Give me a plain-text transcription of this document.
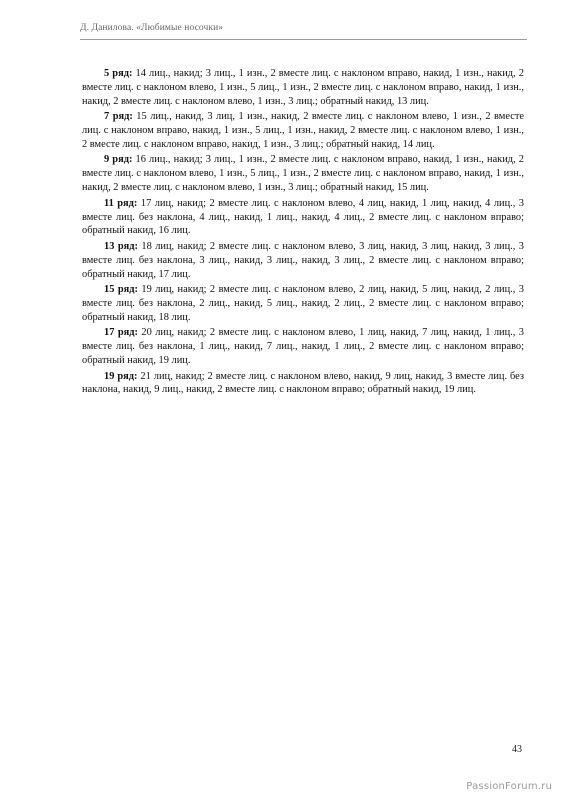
Д. Данилова. «Любимые носочки»

5 ряд: 14 лиц., накид; 3 лиц., 1 изн., 2 вместе лиц. с наклоном вправо, накид, 1 изн., накид, 2 вместе лиц. с наклоном влево, 1 изн., 5 лиц., 1 изн., 2 вместе лиц. с наклоном вправо, накид, 1 изн., накид, 2 вместе лиц. с наклоном влево, 1 изн., 3 лиц.; обратный накид, 13 лиц.

7 ряд: 15 лиц., накид, 3 лиц, 1 изн., накид, 2 вместе лиц. с наклоном влево, 1 изн., 2 вместе лиц. с наклоном вправо, накид, 1 изн., 5 лиц., 1 изн., накид, 2 вместе лиц. с наклоном влево, 1 изн., 2 вместе лиц. с наклоном вправо, накид, 1 изн., 3 лиц.; обратный накид, 14 лиц.

9 ряд: 16 лиц., накид; 3 лиц., 1 изн., 2 вместе лиц. с наклоном вправо, накид, 1 изн., накид, 2 вместе лиц. с наклоном влево, 1 изн., 5 лиц., 1 изн., 2 вместе лиц. с наклоном вправо, накид, 1 изн., накид, 2 вместе лиц. с наклоном влево, 1 изн., 3 лиц.; обратный накид, 15 лиц.

11 ряд: 17 лиц, накид; 2 вместе лиц. с наклоном влево, 4 лиц, накид, 1 лиц, накид, 4 лиц., 3 вместе лиц. без наклона, 4 лиц., накид, 1 лиц., накид, 4 лиц., 2 вместе лиц. с наклоном вправо; обратный накид, 16 лиц.

13 ряд: 18 лиц, накид; 2 вместе лиц. с наклоном влево, 3 лиц, накид, 3 лиц, накид, 3 лиц., 3 вместе лиц. без наклона, 3 лиц., накид, 3 лиц., накид, 3 лиц., 2 вместе лиц. с наклоном вправо; обратный накид, 17 лиц.

15 ряд: 19 лиц, накид; 2 вместе лиц. с наклоном влево, 2 лиц, накид, 5 лиц, накид, 2 лиц., 3 вместе лиц. без наклона, 2 лиц., накид, 5 лиц., накид, 2 лиц., 2 вместе лиц. с наклоном вправо; обратный накид, 18 лиц.

17 ряд: 20 лиц, накид; 2 вместе лиц. с наклоном влево, 1 лиц, накид, 7 лиц, накид, 1 лиц., 3 вместе лиц. без наклона, 1 лиц., накид, 7 лиц., накид, 1 лиц., 2 вместе лиц. с наклоном вправо; обратный накид, 19 лиц.

19 ряд: 21 лиц, накид; 2 вместе лиц. с наклоном влево, накид, 9 лиц, накид, 3 вместе лиц. без наклона, накид, 9 лиц., накид, 2 вместе лиц. с наклоном вправо; обратный накид, 19 лиц.

43
PassionForum.ru
